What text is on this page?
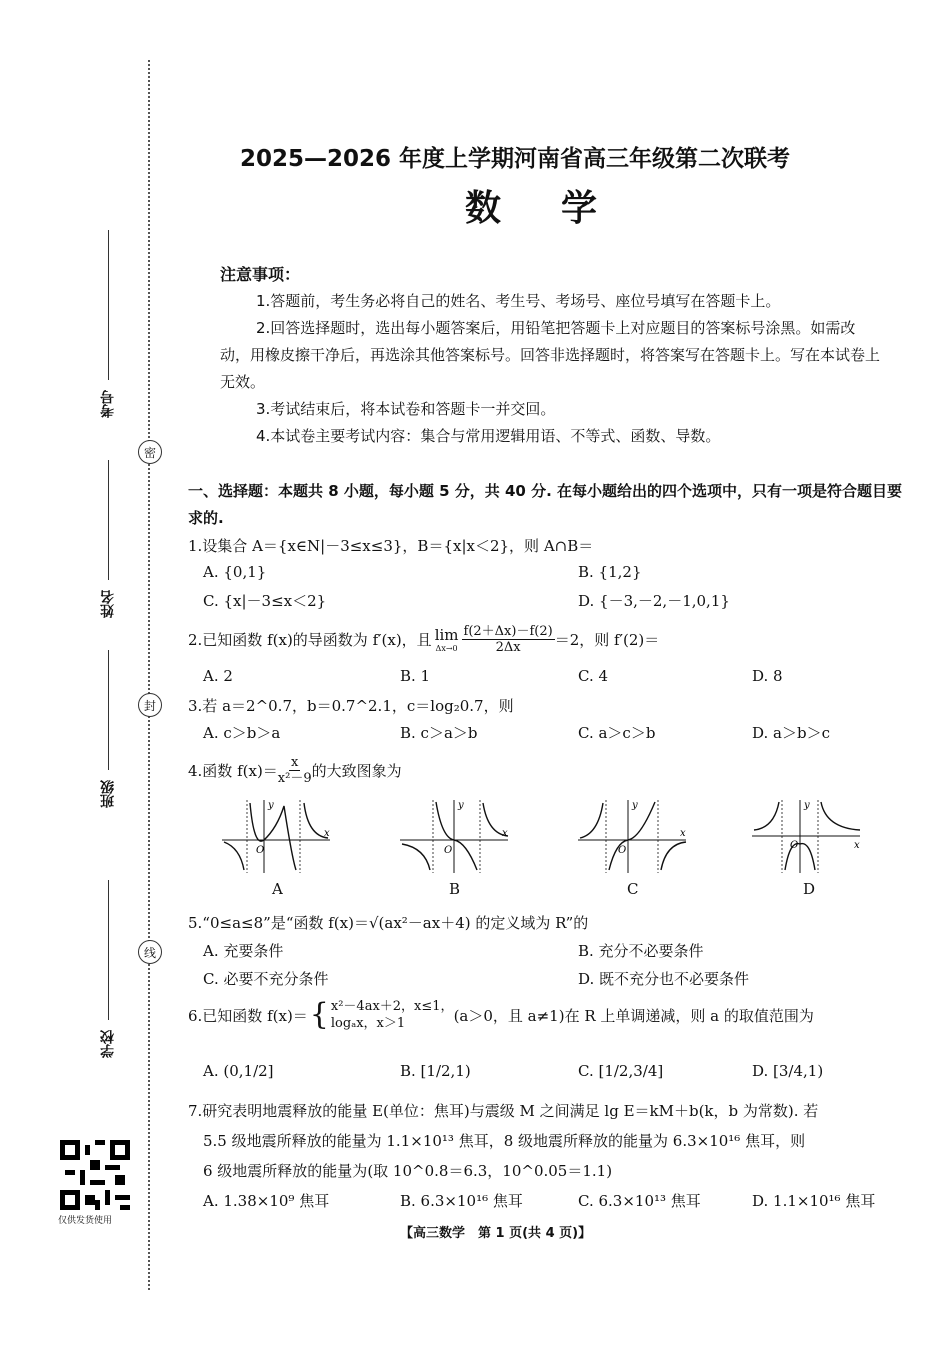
考号
姓名
班级
学校
密
封
线
仅供发货使用
2025—2026 年度上学期河南省高三年级第二次联考
数学
注意事项：

1.答题前，考生务必将自己的姓名、考生号、考场号、座位号填写在答题卡上。

2.回答选择题时，选出每小题答案后，用铅笔把答题卡上对应题目的答案标号涂黑。如需改动，用橡皮擦干净后，再选涂其他答案标号。回答非选择题时，将答案写在答题卡上。写在本试卷上无效。

3.考试结束后，将本试卷和答题卡一并交回。

4.本试卷主要考试内容：集合与常用逻辑用语、不等式、函数、导数。

一、选择题：本题共 8 小题，每小题 5 分，共 40 分. 在每小题给出的四个选项中，只有一项是符合题目要求的.
1.设集合 A＝{x∈N|－3≤x≤3}，B＝{x|x＜2}，则 A∩B＝
A. {0,1}	B. {1,2}
C. {x|－3≤x＜2}	D. {－3,－2,－1,0,1}
2.已知函数 f(x)的导函数为 f′(x)，且 lim
$\Delta x\to 0 \frac{f(2+\Delta x)-f(2)}{2\Delta x} =2$，则 f′(2)＝
A. 2	B. 1	C. 4	D. 8
3.若 a＝2^0.7，b＝0.7^2.1，c＝log₂0.7，则
A. c＞b＞a	B. c＞a＞b	C. a＞c＞b	D. a＞b＞c
4.函数 $f(x)= \frac{x}{\text{x²－9}}$ 的大致图象为
y
x
O
A
y
x
O
B
y
x
O
C
y
x
O
D
5.“0≤a≤8”是“函数 f(x)＝√(ax²－ax＋4) 的定义域为 R”的
A. 充要条件	B. 充分不必要条件
C. 必要不充分条件	D. 既不充分也不必要条件
6.已知函数 f(x)＝ { x²－4ax＋2，x≤1，
logₐx，x＞1	(a＞0，且 a≠1)在 R 上单调递减，则 a 的取值范围为
A. (0,1/2]	B. [1/2,1)	C. [1/2,3/4]	D. [3/4,1)
7.研究表明地震释放的能量 E(单位：焦耳)与震级 M 之间满足 lg E＝kM＋b(k，b 为常数). 若
5.5 级地震所释放的能量为 1.1×10¹³ 焦耳，8 级地震所释放的能量为 6.3×10¹⁶ 焦耳，则
6 级地震所释放的能量为(取 10^0.8＝6.3，10^0.05＝1.1)
A. 1.38×10⁹ 焦耳	B. 6.3×10¹⁶ 焦耳	C. 6.3×10¹³ 焦耳	D. 1.1×10¹⁶ 焦耳
【高三数学　第 1 页(共 4 页)】
